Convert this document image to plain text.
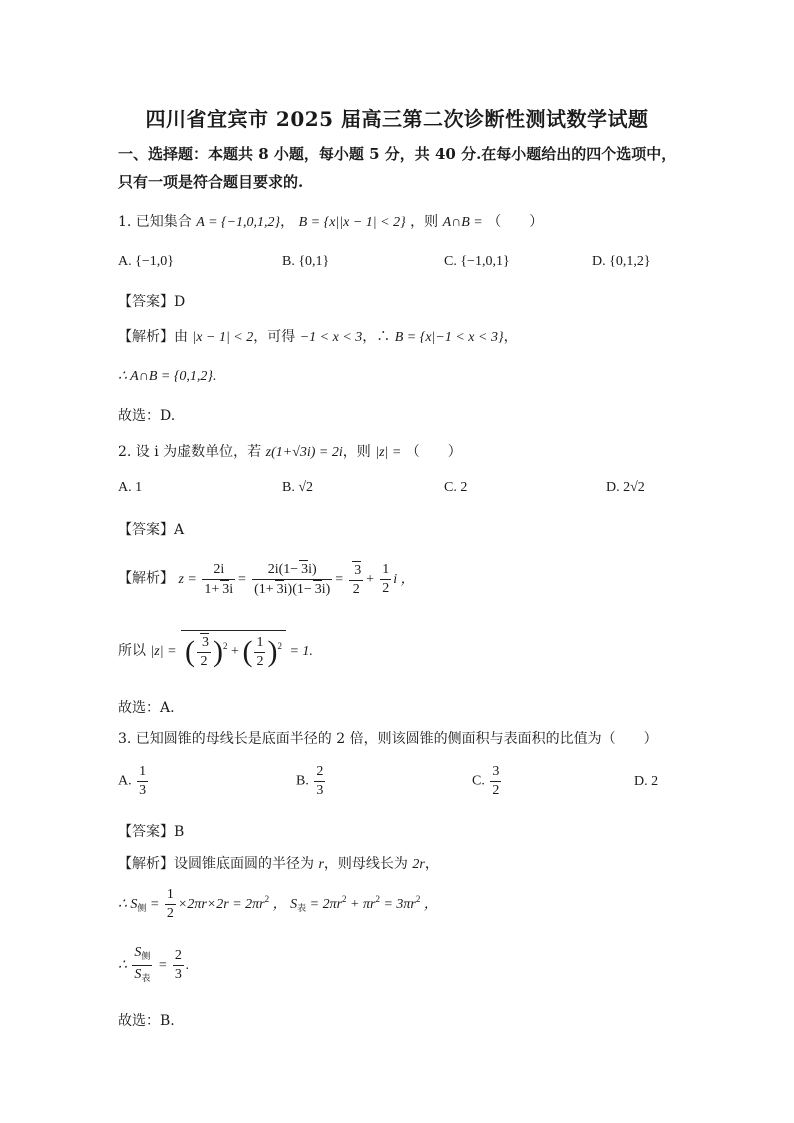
四川省宜宾市 2025 届高三第二次诊断性测试数学试题
一、选择题：本题共 8 小题，每小题 5 分，共 40 分.在每小题给出的四个选项中，只有一项是符合题目要求的.
1. 已知集合 A = {−1,0,1,2}， B = {x||x − 1| < 2} ，则 A∩B = （　　）
A. {−1,0}	B. {0,1}	C. {−1,0,1}	D. {0,1,2}
【答案】D
【解析】由 |x − 1| < 2，可得 −1 < x < 3，∴ B = {x|−1 < x < 3}，
∴ A∩B = {0,1,2}.
故选：D.
2. 设 i 为虚数单位，若 z(1+√3i) = 2i，则 |z| = （　　）
A. 1	B. √2	C. 2	D. 2√2
【答案】A
【解析】 $z = \frac{2i}{1+ 3i} = \frac{2i(1- 3i)}{(1+ 3i)(1- 3i)} = \frac{3}{2} + \frac{1}{2}$ i ，
所以 |z| = ( $\frac{3}{2} )^2$ + ( $\frac{1}{2} )^2 = 1$.
故选：A.
3. 已知圆锥的母线长是底面半径的 2 倍，则该圆锥的侧面积与表面积的比值为（　　）
A. $\frac{1}{3}$	B. $\frac{2}{3}$	C. $\frac{3}{2}$	D. 2
【答案】B
【解析】设圆锥底面圆的半径为 r，则母线长为 2r，
∴ $S_侧 = \frac{1}{2} \times 2\pi r\times 2r = 2\pi r^2$ ， $S_表 = 2\pi r^2 + \pi r^2 = 3\pi r^2$ ，
∴ $\frac{S_侧}{S_表} = \frac{2}{3}$ .
故选：B.
